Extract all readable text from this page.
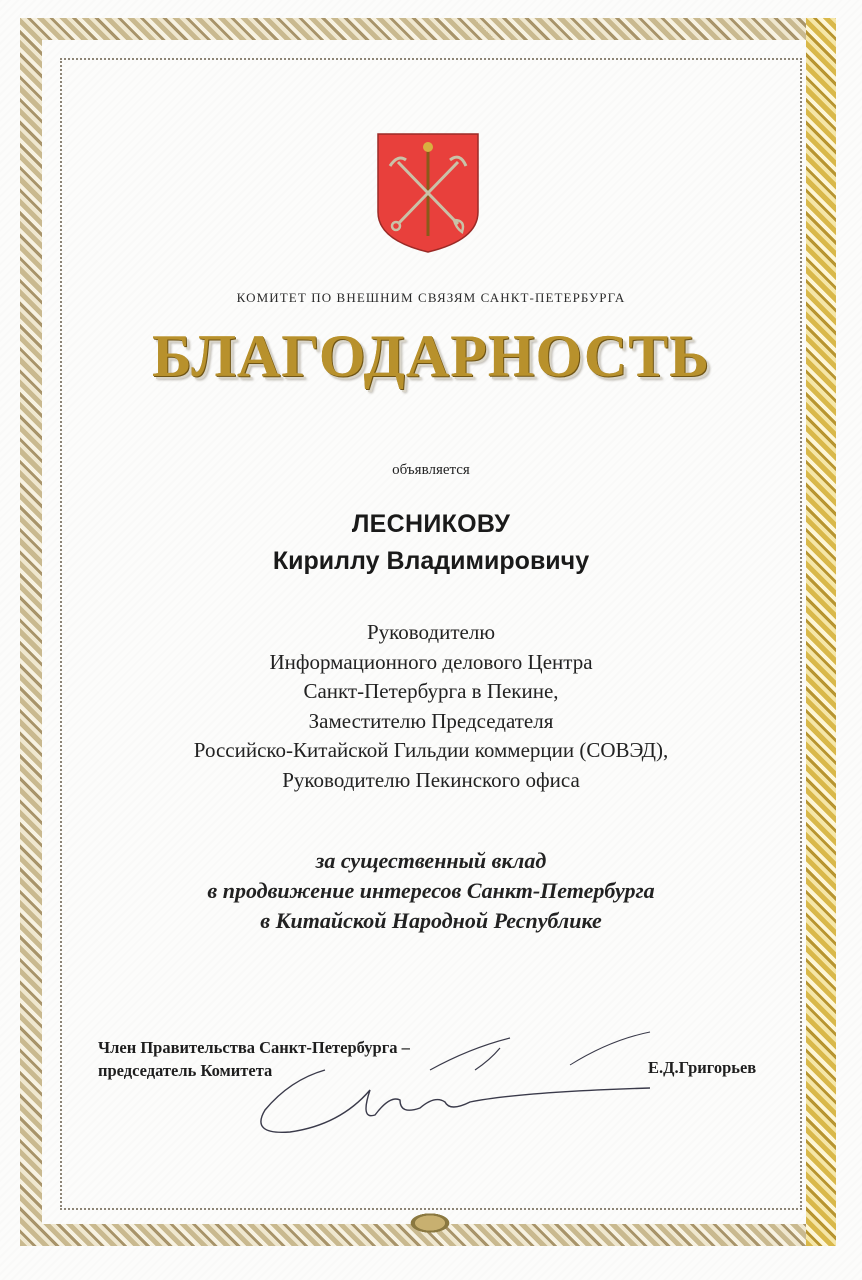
КОМИТЕТ ПО ВНЕШНИМ СВЯЗЯМ САНКТ-ПЕТЕРБУРГА
БЛАГОДАРНОСТЬ
объявляется
ЛЕСНИКОВУ
Кириллу Владимировичу
Руководителю
Информационного делового Центра
Санкт-Петербурга в Пекине,
Заместителю Председателя
Российско-Китайской Гильдии коммерции (СОВЭД),
Руководителю Пекинского офиса
за существенный вклад
в продвижение интересов Санкт-Петербурга
в Китайской Народной Республике
Член Правительства Санкт-Петербурга –
председатель Комитета	Е.Д.Григорьев
